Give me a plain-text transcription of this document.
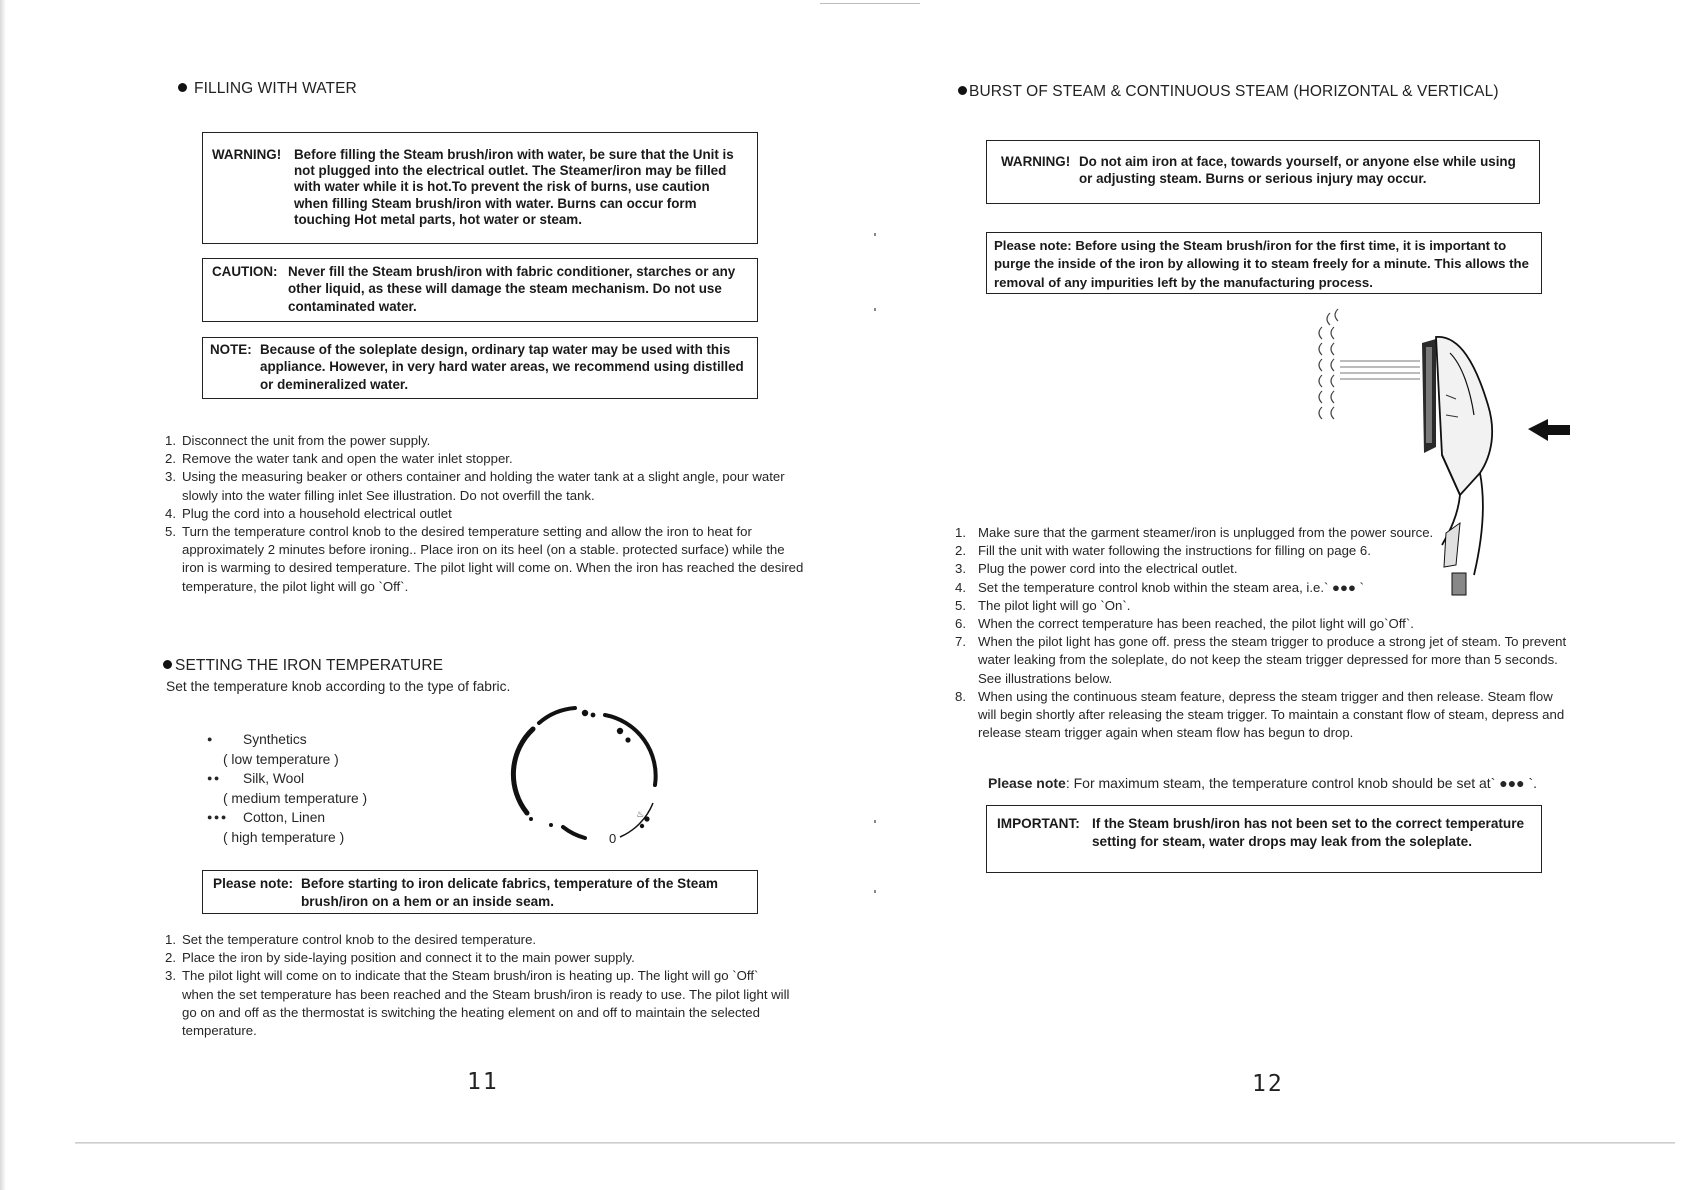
FILLING WITH WATER
WARNING! Before filling the Steam brush/iron with water, be sure that the Unit is not plugged into the electrical outlet. The Steamer/iron may be filled with water while it is hot.To prevent the risk of burns, use caution when filling Steam brush/iron with water. Burns can occur form touching Hot metal parts, hot water or steam.
CAUTION: Never fill the Steam brush/iron with fabric conditioner, starches or any other liquid, as these will damage the steam mechanism. Do not use contaminated water.
NOTE: Because of the soleplate design, ordinary tap water may be used with this appliance. However, in very hard water areas, we recommend using distilled or demineralized water.
1. Disconnect the unit from the power supply.
2. Remove the water tank and open the water inlet stopper.
3. Using the measuring beaker or others container and holding the water tank at a slight angle, pour water slowly into the water filling inlet See illustration. Do not overfill the tank.
4. Plug the cord into a household electrical outlet
5. Turn the temperature control knob to the desired temperature setting and allow the iron to heat for approximately 2 minutes before ironing.. Place iron on its heel (on a stable. protected surface) while the iron is warming to desired temperature. The pilot light will come on. When the iron has reached the desired temperature, the pilot light will go `Off`.
SETTING THE IRON TEMPERATURE
Set the temperature knob according to the type of fabric.
●	Synthetics
( low temperature )
●●	Silk, Wool
( medium temperature )
●●●	Cotton, Linen
( high temperature )
♨
0
Please note: Before starting to iron delicate fabrics, temperature of the Steam brush/iron on a hem or an inside seam.
1. Set the temperature control knob to the desired temperature.
2. Place the iron by side-laying position and connect it to the main power supply.
3. The pilot light will come on to indicate that the Steam brush/iron is heating up. The light will go `Off` when the set temperature has been reached and the Steam brush/iron is ready to use. The pilot light will go on and off as the thermostat is switching the heating element on and off to maintain the selected temperature.
11
BURST OF STEAM & CONTINUOUS STEAM (HORIZONTAL & VERTICAL)
WARNING! Do not aim iron at face, towards yourself, or anyone else while using or adjusting steam. Burns or serious injury may occur.
Please note: Before using the Steam brush/iron for the first time, it is important to purge the inside of the iron by allowing it to steam freely for a minute. This allows the removal of any impurities left by the manufacturing process.
1. Make sure that the garment steamer/iron is unplugged from the power source.
2. Fill the unit with water following the instructions for filling on page 6.
3. Plug the power cord into the electrical outlet.
4. Set the temperature control knob within the steam area, i.e.` ●●● `
5. The pilot light will go `On`.
6. When the correct temperature has been reached, the pilot light will go`Off`.
7. When the pilot light has gone off. press the steam trigger to produce a strong jet of steam. To prevent water leaking from the soleplate, do not keep the steam trigger depressed for more than 5 seconds. See illustrations below.
8. When using the continuous steam feature, depress the steam trigger and then release. Steam flow will begin shortly after releasing the steam trigger. To maintain a constant flow of steam, depress and release steam trigger again when steam flow has begun to drop.
Please note: For maximum steam, the temperature control knob should be set at` ●●● `.
IMPORTANT: If the Steam brush/iron has not been set to the correct temperature setting for steam, water drops may leak from the soleplate.
12
